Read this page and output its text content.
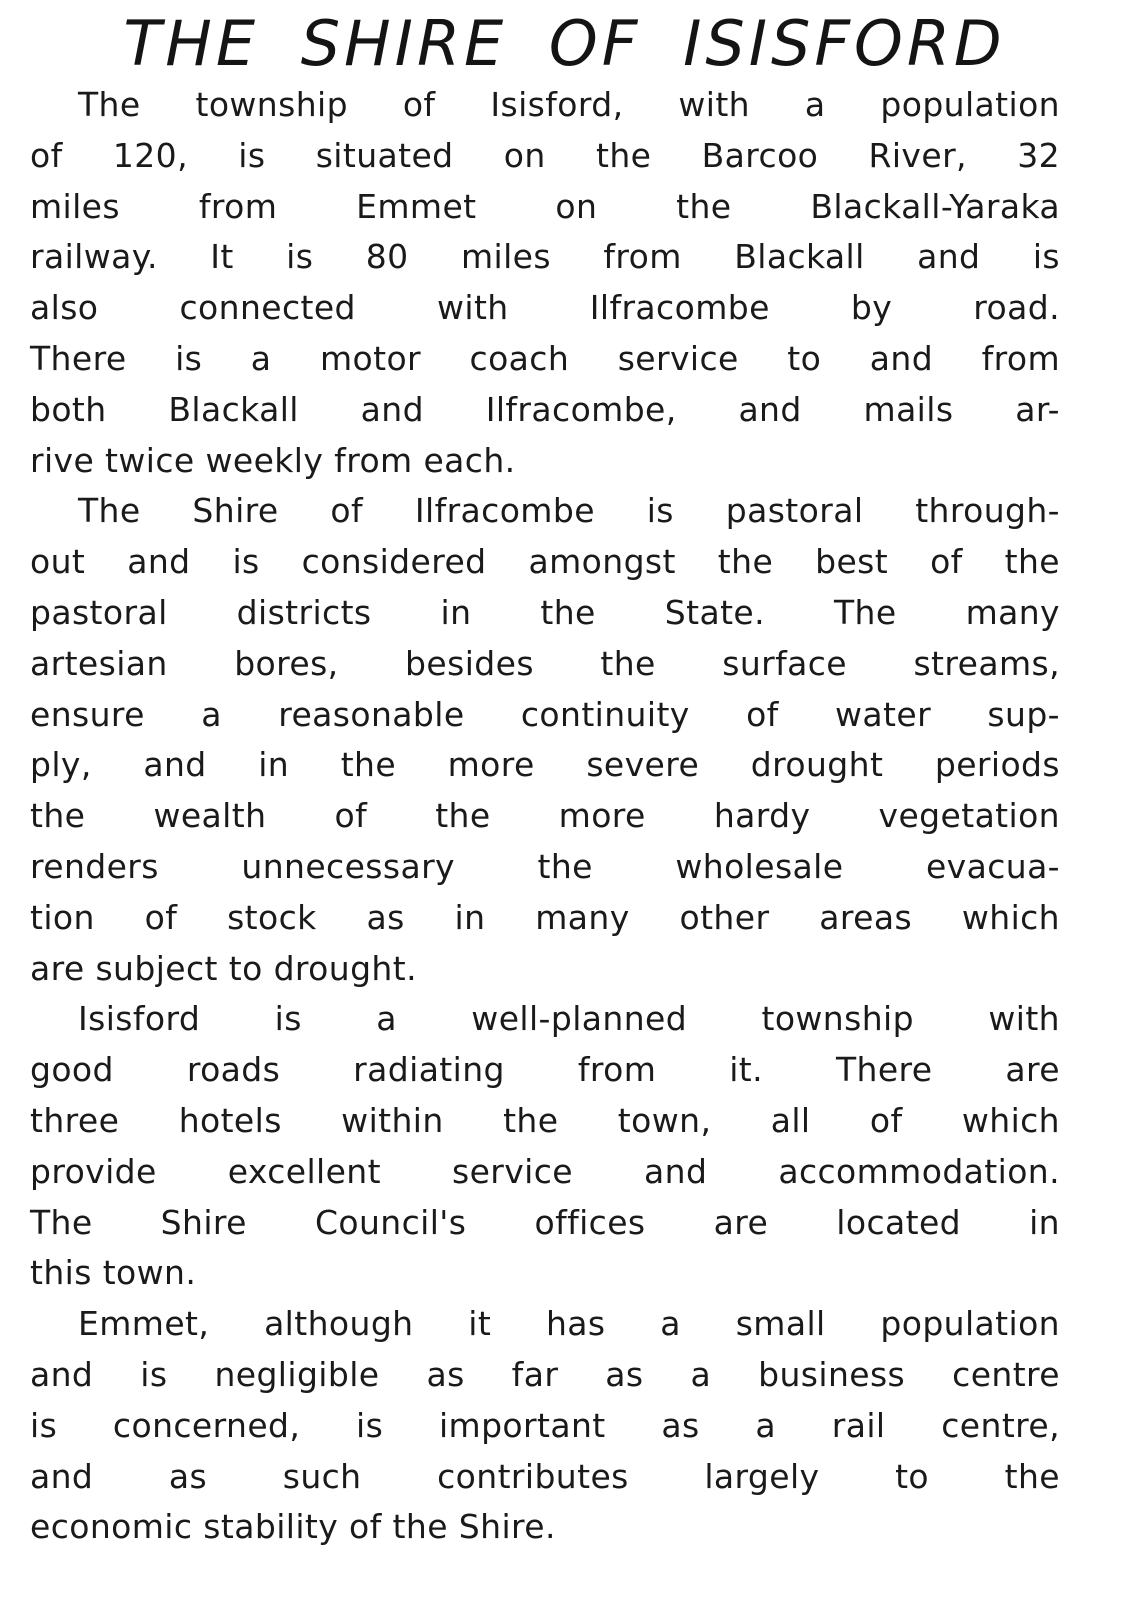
THE SHIRE OF ISISFORD
The township of Isisford, with a population
of 120, is situated on the Barcoo River, 32
miles from Emmet on the Blackall-Yaraka
railway. It is 80 miles from Blackall and is
also connected with Ilfracombe by road.
There is a motor coach service to and from
both Blackall and Ilfracombe, and mails ar-
rive twice weekly from each.
The Shire of Ilfracombe is pastoral through-
out and is considered amongst the best of the
pastoral districts in the State. The many
artesian bores, besides the surface streams,
ensure a reasonable continuity of water sup-
ply, and in the more severe drought periods
the wealth of the more hardy vegetation
renders unnecessary the wholesale evacua-
tion of stock as in many other areas which
are subject to drought.
Isisford is a well-planned township with
good roads radiating from it. There are
three hotels within the town, all of which
provide excellent service and accommodation.
The Shire Council's offices are located in
this town.
Emmet, although it has a small population
and is negligible as far as a business centre
is concerned, is important as a rail centre,
and as such contributes largely to the
economic stability of the Shire.
